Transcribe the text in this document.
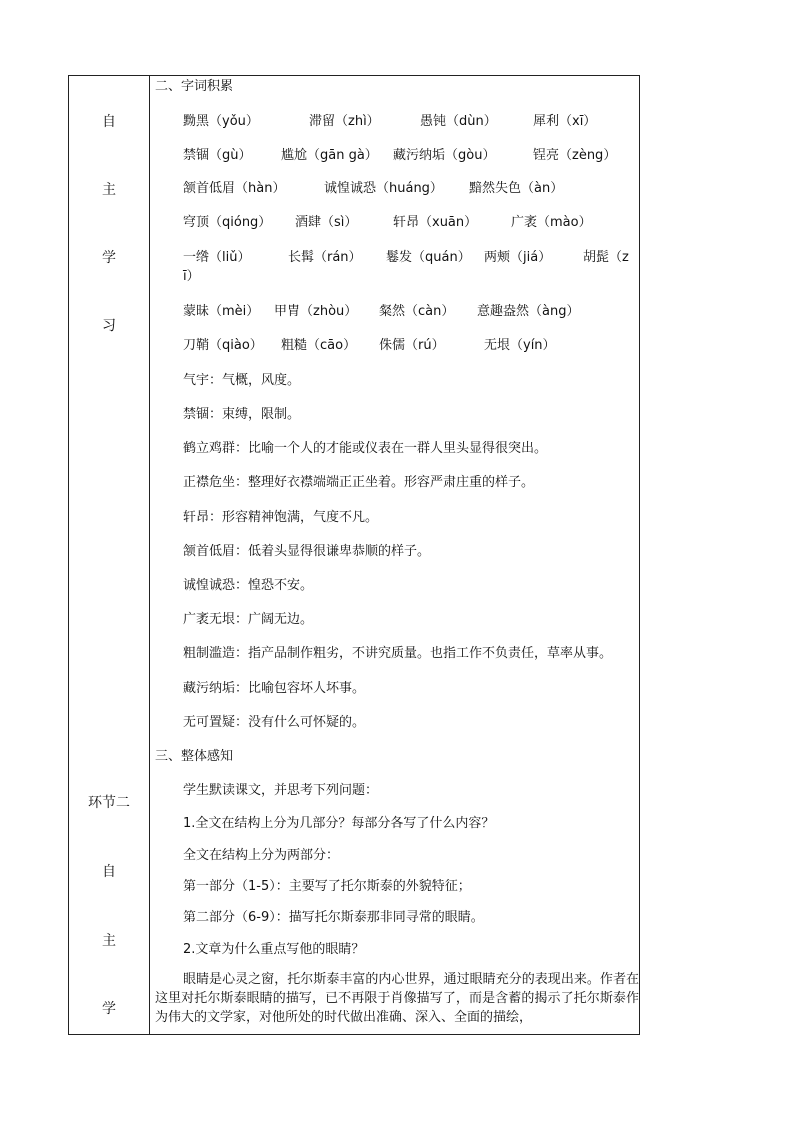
自
主
学
习
环节二
自
主
学
二、字词积累
黝黑（yǒu）	滞留（zhì）	愚钝（dùn）	犀利（xī）
禁锢（gù） 尴尬（gān gà） 藏污纳垢（gòu）	锃亮（zèng）
颔首低眉（hàn）	诚惶诚恐（huáng） 黯然失色（àn）
穹顶（qióng） 酒肆（sì）	轩昂（xuān）	广袤（mào）
一绺（liǔ）	长髯（rán） 鬈发（quán） 两颊（jiá） 胡髭（z
ī）
蒙昧（mèi） 甲胄（zhòu） 粲然（càn） 意趣盎然（àng）
刀鞘（qiào） 粗糙（cāo） 侏儒（rú）	无垠（yín）
气宇：气概，风度。
禁锢：束缚，限制。
鹤立鸡群：比喻一个人的才能或仪表在一群人里头显得很突出。
正襟危坐：整理好衣襟端端正正坐着。形容严肃庄重的样子。
轩昂：形容精神饱满，气度不凡。
颔首低眉：低着头显得很谦卑恭顺的样子。
诚惶诚恐：惶恐不安。
广袤无垠：广阔无边。
粗制滥造：指产品制作粗劣，不讲究质量。也指工作不负责任，草率从事。
藏污纳垢：比喻包容坏人坏事。
无可置疑：没有什么可怀疑的。
三、整体感知
学生默读课文，并思考下列问题：
1.全文在结构上分为几部分？每部分各写了什么内容？
全文在结构上分为两部分：
第一部分（1-5）：主要写了托尔斯泰的外貌特征；
第二部分（6-9）：描写托尔斯泰那非同寻常的眼睛。
2.文章为什么重点写他的眼睛？
眼睛是心灵之窗，托尔斯泰丰富的内心世界，通过眼睛充分的表现出来。作者在这里对托尔斯泰眼睛的描写，已不再限于肖像描写了，而是含蓄的揭示了托尔斯泰作为伟大的文学家，对他所处的时代做出准确、深入、全面的描绘，
